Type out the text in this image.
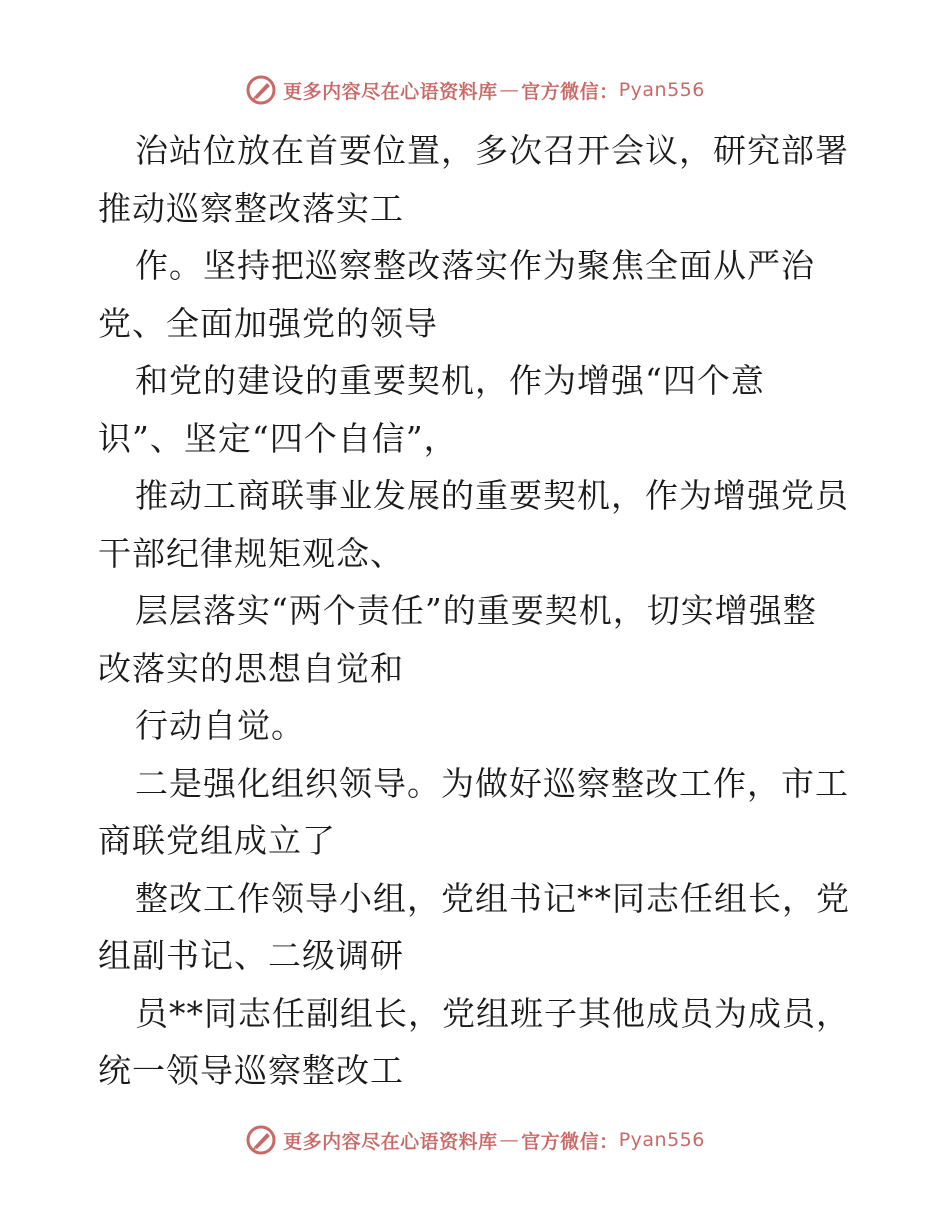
更多内容尽在心语资料库 — 官方微信： Pyan556
治站位放在首要位置，多次召开会议，研究部署
推动巡察整改落实工
作。坚持把巡察整改落实作为聚焦全面从严治
党、全面加强党的领导
和党的建设的重要契机，作为增强“四个意
识”、坚定“四个自信”，
推动工商联事业发展的重要契机，作为增强党员
干部纪律规矩观念、
层层落实“两个责任”的重要契机，切实增强整
改落实的思想自觉和
行动自觉。
二是强化组织领导。为做好巡察整改工作，市工
商联党组成立了
整改工作领导小组，党组书记**同志任组长，党
组副书记、二级调研
员**同志任副组长，党组班子其他成员为成员，
统一领导巡察整改工
更多内容尽在心语资料库 — 官方微信： Pyan556
